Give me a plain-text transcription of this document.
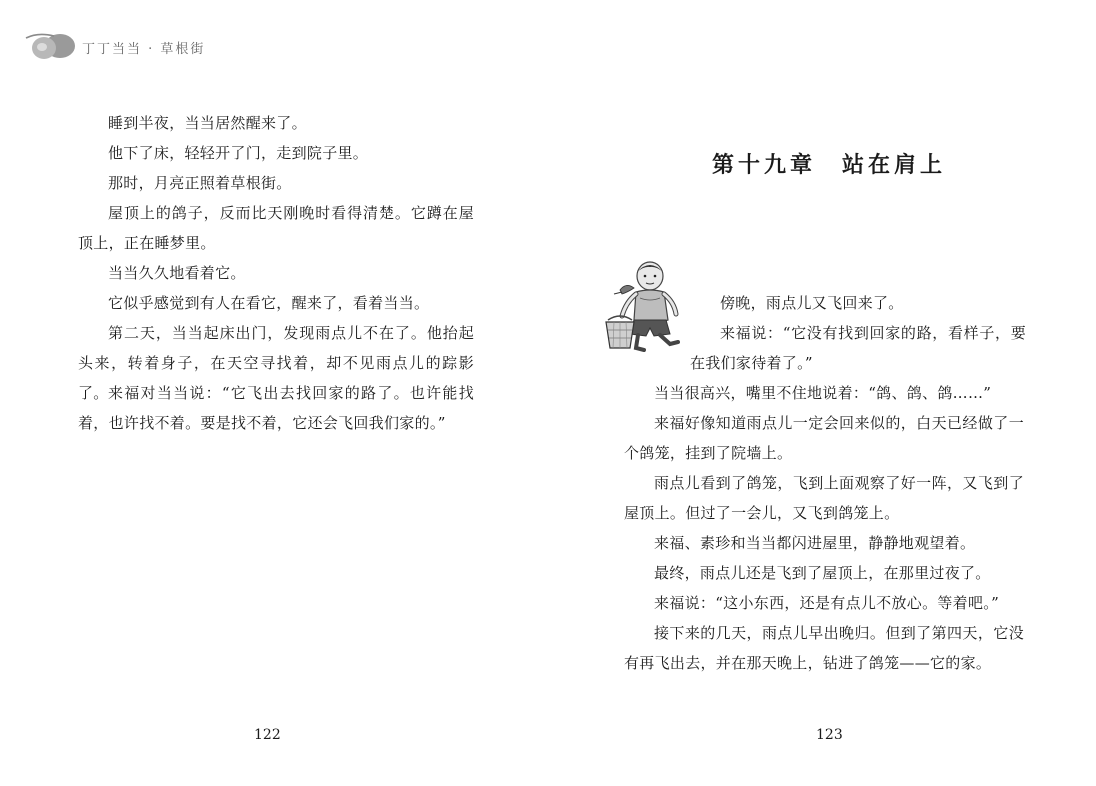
丁丁当当 · 草根街

睡到半夜，当当居然醒来了。

他下了床，轻轻开了门，走到院子里。

那时，月亮正照着草根街。

屋顶上的鸽子，反而比天刚晚时看得清楚。它蹲在屋顶上，正在睡梦里。

当当久久地看着它。

它似乎感觉到有人在看它，醒来了，看着当当。

第二天，当当起床出门，发现雨点儿不在了。他抬起头来，转着身子，在天空寻找着，却不见雨点儿的踪影了。 来福对当当说：“它飞出去找回家的路了。也许能找着，也许找不着。要是找不着，它还会飞回我们家的。”

122
第十九章　站在肩上

傍晚，雨点儿又飞回来了。

来福说：“它没有找到回家的路，看样子，要在我们家待着了。”

当当很高兴，嘴里不住地说着：“鸽、鸽、鸽……”

来福好像知道雨点儿一定会回来似的，白天已经做了一个鸽笼，挂到了院墙上。

雨点儿看到了鸽笼，飞到上面观察了好一阵，又飞到了屋顶上。但过了一会儿，又飞到鸽笼上。

来福、素珍和当当都闪进屋里，静静地观望着。

最终，雨点儿还是飞到了屋顶上，在那里过夜了。

来福说：“这小东西，还是有点儿不放心。等着吧。”

接下来的几天，雨点儿早出晚归。但到了第四天，它没有再飞出去，并在那天晚上，钻进了鸽笼——它的家。

123
